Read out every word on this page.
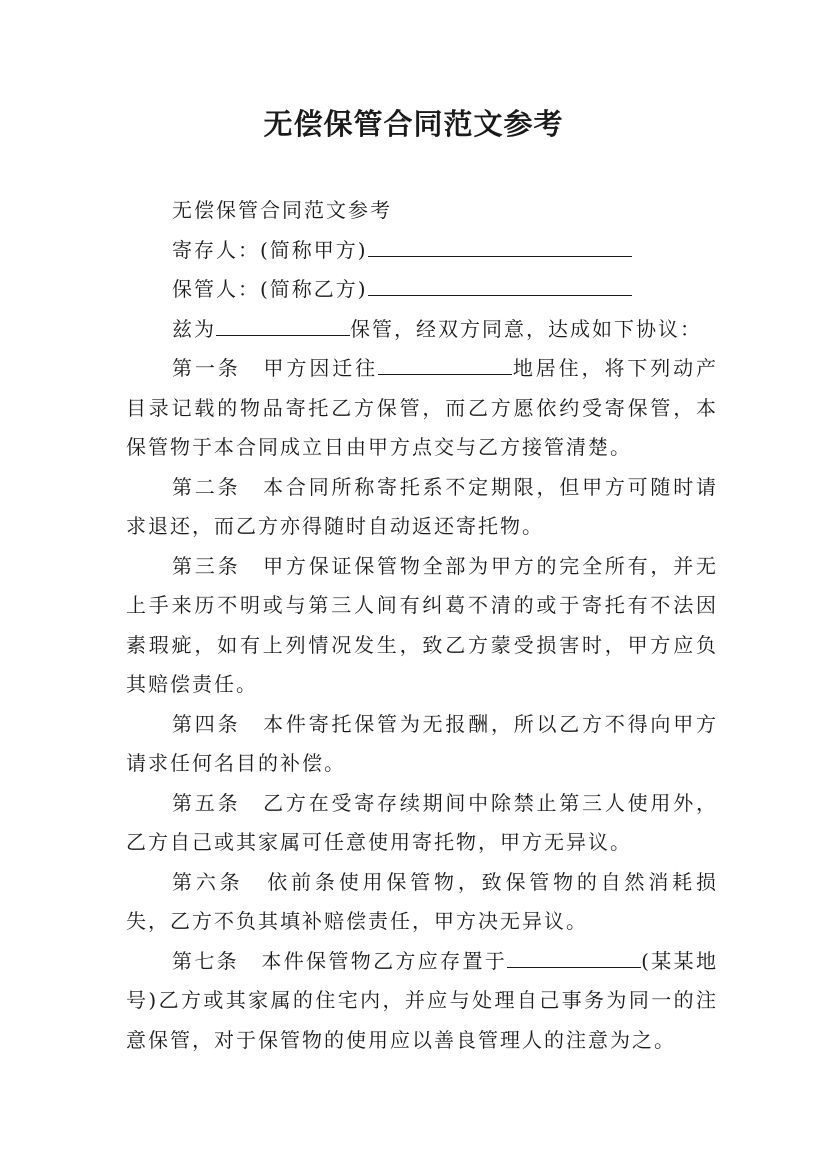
无偿保管合同范文参考

无偿保管合同范文参考

寄存人：(简称甲方)

保管人：(简称乙方)

兹为	保管，经双方同意，达成如下协议：

第一条　甲方因迁往	地居住，将下列动产目录记载的物品寄托乙方保管，而乙方愿依约受寄保管，本保管物于本合同成立日由甲方点交与乙方接管清楚。

第二条　本合同所称寄托系不定期限，但甲方可随时请求退还，而乙方亦得随时自动返还寄托物。

第三条　甲方保证保管物全部为甲方的完全所有，并无上手来历不明或与第三人间有纠葛不清的或于寄托有不法因素瑕疵，如有上列情况发生，致乙方蒙受损害时，甲方应负其赔偿责任。

第四条　本件寄托保管为无报酬，所以乙方不得向甲方请求任何名目的补偿。

第五条　乙方在受寄存续期间中除禁止第三人使用外，乙方自己或其家属可任意使用寄托物，甲方无异议。

第六条　依前条使用保管物，致保管物的自然消耗损失，乙方不负其填补赔偿责任，甲方决无异议。

第七条　本件保管物乙方应存置于	(某某地号)乙方或其家属的住宅内，并应与处理自己事务为同一的注意保管，对于保管物的使用应以善良管理人的注意为之。
